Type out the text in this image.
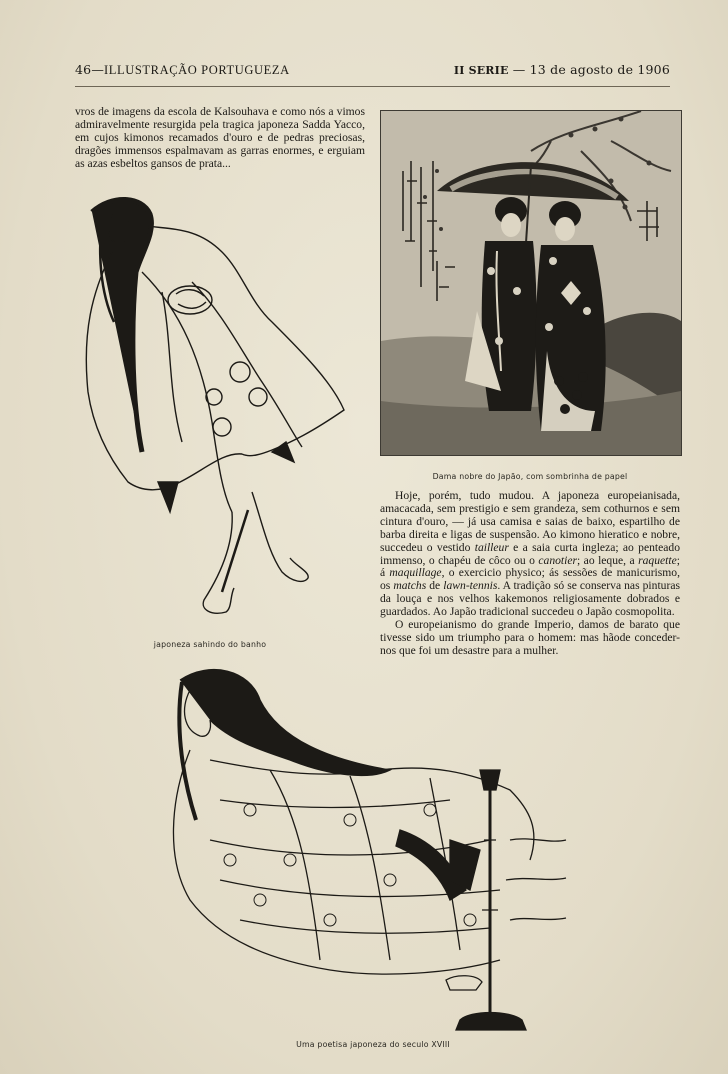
46—ILLUSTRAÇÃO PORTUGUEZA	II SERIE — 13 de agosto de 1906

vros de imagens da escola de Kalsouhava e como nós a vimos admiravelmente resurgida pela tragica japoneza Sadda Yacco, em cujos kimonos recamados d'ouro e de pedras preciosas, dragões immensos espalmavam as garras enormes, e erguiam as azas esbeltos gansos de prata...

japoneza sahindo do banho
Dama nobre do Japão, com sombrinha de papel

Hoje, porém, tudo mudou. A japoneza europeianisada, amacacada, sem prestigio e sem grandeza, sem cothurnos e sem cintura d'ouro, — já usa camisa e saias de baixo, espartilho de barba direita e ligas de suspensão. Ao kimono hieratico e nobre, succedeu o vestido tailleur e a saia curta ingleza; ao penteado immenso, o chapéu de côco ou o canotier; ao leque, a raquette; á maquillage, o exercicio physico; ás sessões de manicurismo, os matchs de lawn-tennis. A tradição só se conserva nas pinturas da louça e nos velhos kakemonos religiosamente dobrados e guardados. Ao Japão tradicional succedeu o Japão cosmopolita.

O europeianismo do grande Imperio, damos de barato que tivesse sido um triumpho para o homem: mas hãode conceder-nos que foi um desastre para a mulher.

Uma poetisa japoneza do seculo XVIII
